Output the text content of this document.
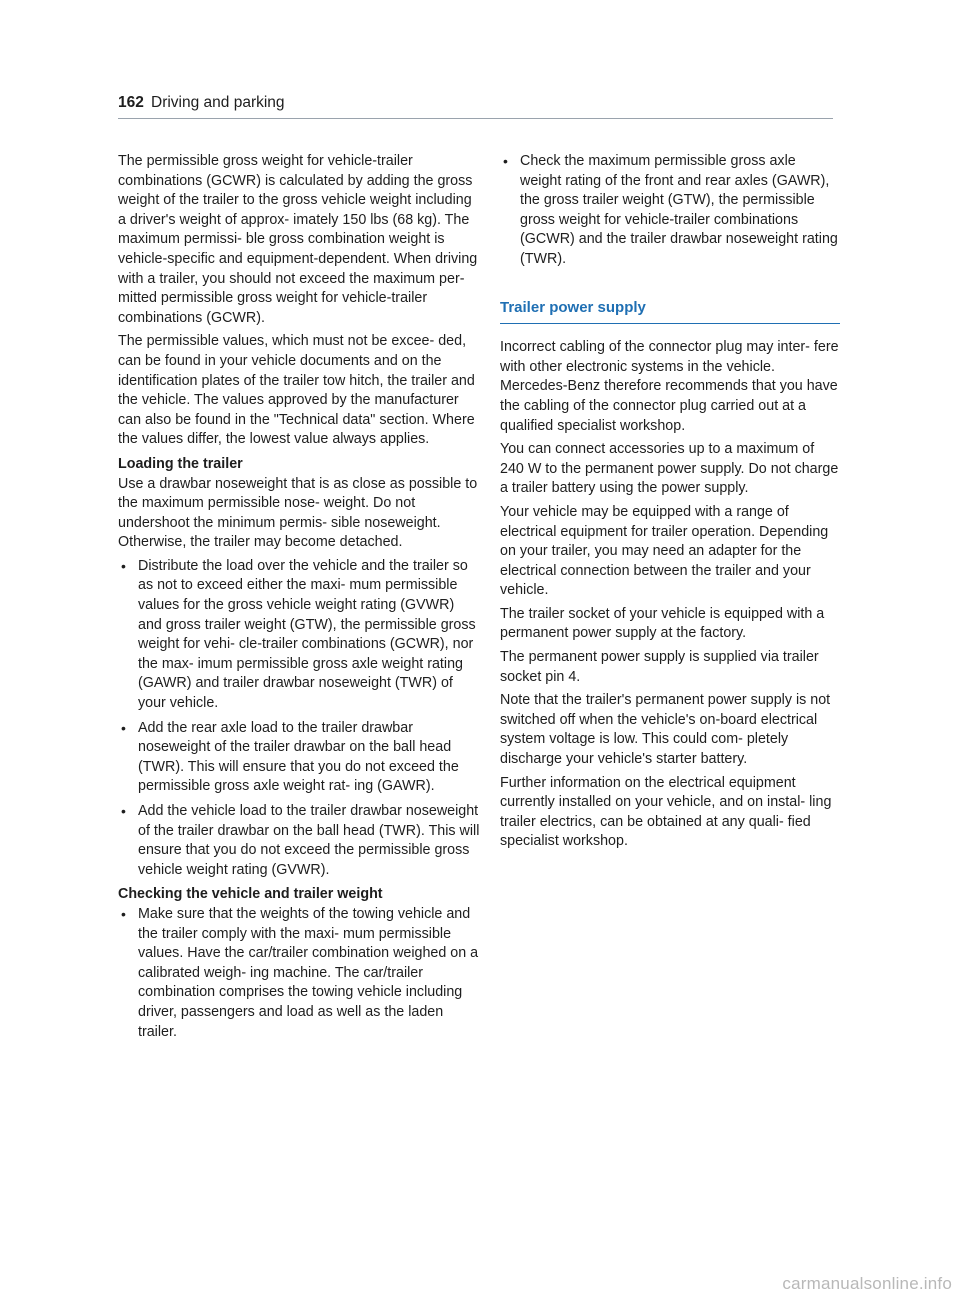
162 Driving and parking

The permissible gross weight for vehicle-trailer combinations (GCWR) is calculated by adding the gross weight of the trailer to the gross vehicle weight including a driver's weight of approx- imately 150 lbs (68 kg). The maximum permissi- ble gross combination weight is vehicle-specific and equipment-dependent. When driving with a trailer, you should not exceed the maximum per- mitted permissible gross weight for vehicle-trailer combinations (GCWR).

The permissible values, which must not be excee- ded, can be found in your vehicle documents and on the identification plates of the trailer tow hitch, the trailer and the vehicle. The values approved by the manufacturer can also be found in the "Technical data" section. Where the values differ, the lowest value always applies.

Loading the trailer

Use a drawbar noseweight that is as close as possible to the maximum permissible nose- weight. Do not undershoot the minimum permis- sible noseweight. Otherwise, the trailer may become detached.

• Distribute the load over the vehicle and the trailer so as not to exceed either the maxi- mum permissible values for the gross vehicle weight rating (GVWR) and gross trailer weight (GTW), the permissible gross weight for vehi- cle-trailer combinations (GCWR), nor the max- imum permissible gross axle weight rating (GAWR) and trailer drawbar noseweight (TWR) of your vehicle.
• Add the rear axle load to the trailer drawbar noseweight of the trailer drawbar on the ball head (TWR). This will ensure that you do not exceed the permissible gross axle weight rat- ing (GAWR).
• Add the vehicle load to the trailer drawbar noseweight of the trailer drawbar on the ball head (TWR). This will ensure that you do not exceed the permissible gross vehicle weight rating (GVWR).

Checking the vehicle and trailer weight

• Make sure that the weights of the towing vehicle and the trailer comply with the maxi- mum permissible values. Have the car/trailer combination weighed on a calibrated weigh- ing machine. The car/trailer combination comprises the towing vehicle including driver, passengers and load as well as the laden trailer.
• Check the maximum permissible gross axle weight rating of the front and rear axles (GAWR), the gross trailer weight (GTW), the permissible gross weight for vehicle-trailer combinations (GCWR) and the trailer drawbar noseweight rating (TWR).
Trailer power supply

Incorrect cabling of the connector plug may inter- fere with other electronic systems in the vehicle. Mercedes-Benz therefore recommends that you have the cabling of the connector plug carried out at a qualified specialist workshop.

You can connect accessories up to a maximum of 240 W to the permanent power supply. Do not charge a trailer battery using the power supply.

Your vehicle may be equipped with a range of electrical equipment for trailer operation. Depending on your trailer, you may need an adapter for the electrical connection between the trailer and your vehicle.

The trailer socket of your vehicle is equipped with a permanent power supply at the factory.

The permanent power supply is supplied via trailer socket pin 4.

Note that the trailer's permanent power supply is not switched off when the vehicle's on-board electrical system voltage is low. This could com- pletely discharge your vehicle's starter battery.

Further information on the electrical equipment currently installed on your vehicle, and on instal- ling trailer electrics, can be obtained at any quali- fied specialist workshop.

carmanualsonline.info
